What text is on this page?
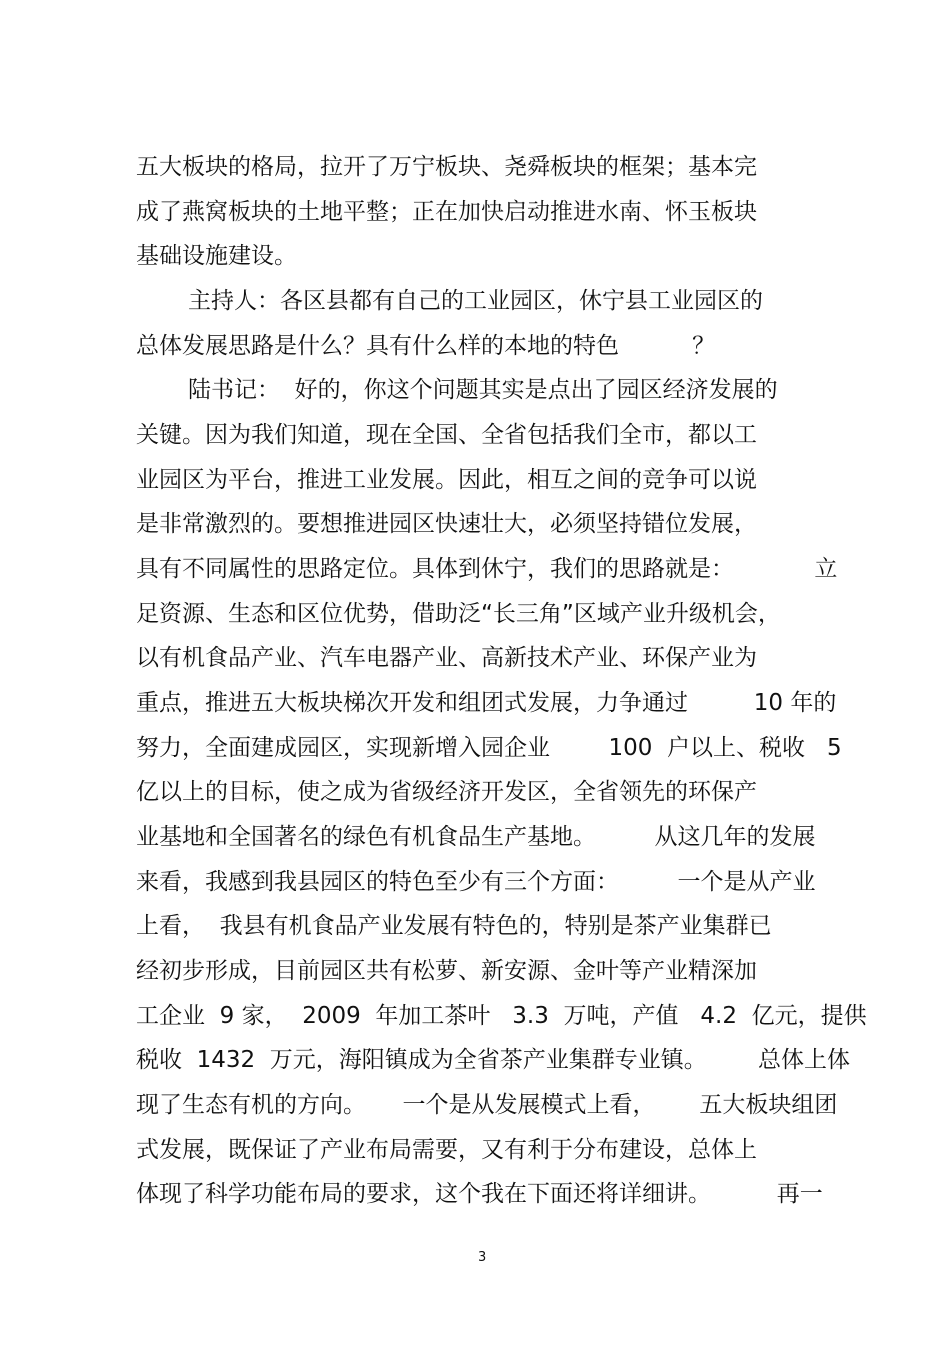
五大板块的格局，拉开了万宁板块、尧舜板块的框架；基本完
成了燕窝板块的土地平整；正在加快启动推进水南、怀玉板块
基础设施建设。
主持人：各区县都有自己的工业园区，休宁县工业园区的
总体发展思路是什么？具有什么样的本地的特色          ？
陆书记：  好的，你这个问题其实是点出了园区经济发展的
关键。因为我们知道，现在全国、全省包括我们全市，都以工
业园区为平台，推进工业发展。因此，相互之间的竞争可以说
是非常激烈的。要想推进园区快速壮大，必须坚持错位发展，
具有不同属性的思路定位。具体到休宁，我们的思路就是：           立
足资源、生态和区位优势，借助泛“长三角”区域产业升级机会，
以有机食品产业、汽车电器产业、高新技术产业、环保产业为
重点，推进五大板块梯次开发和组团式发展，力争通过         10 年的
努力，全面建成园区，实现新增入园企业        100  户以上、税收   5
亿以上的目标，使之成为省级经济开发区，全省领先的环保产
业基地和全国著名的绿色有机食品生产基地。        从这几年的发展
来看，我感到我县园区的特色至少有三个方面：        一个是从产业
上看，  我县有机食品产业发展有特色的，特别是茶产业集群已
经初步形成，目前园区共有松萝、新安源、金叶等产业精深加
工企业  9 家，  2009  年加工茶叶   3.3  万吨，产值   4.2  亿元，提供
税收  1432  万元，海阳镇成为全省茶产业集群专业镇。       总体上体
现了生态有机的方向。     一个是从发展模式上看，      五大板块组团
式发展，既保证了产业布局需要，又有利于分布建设，总体上
体现了科学功能布局的要求，这个我在下面还将详细讲。         再一
3
